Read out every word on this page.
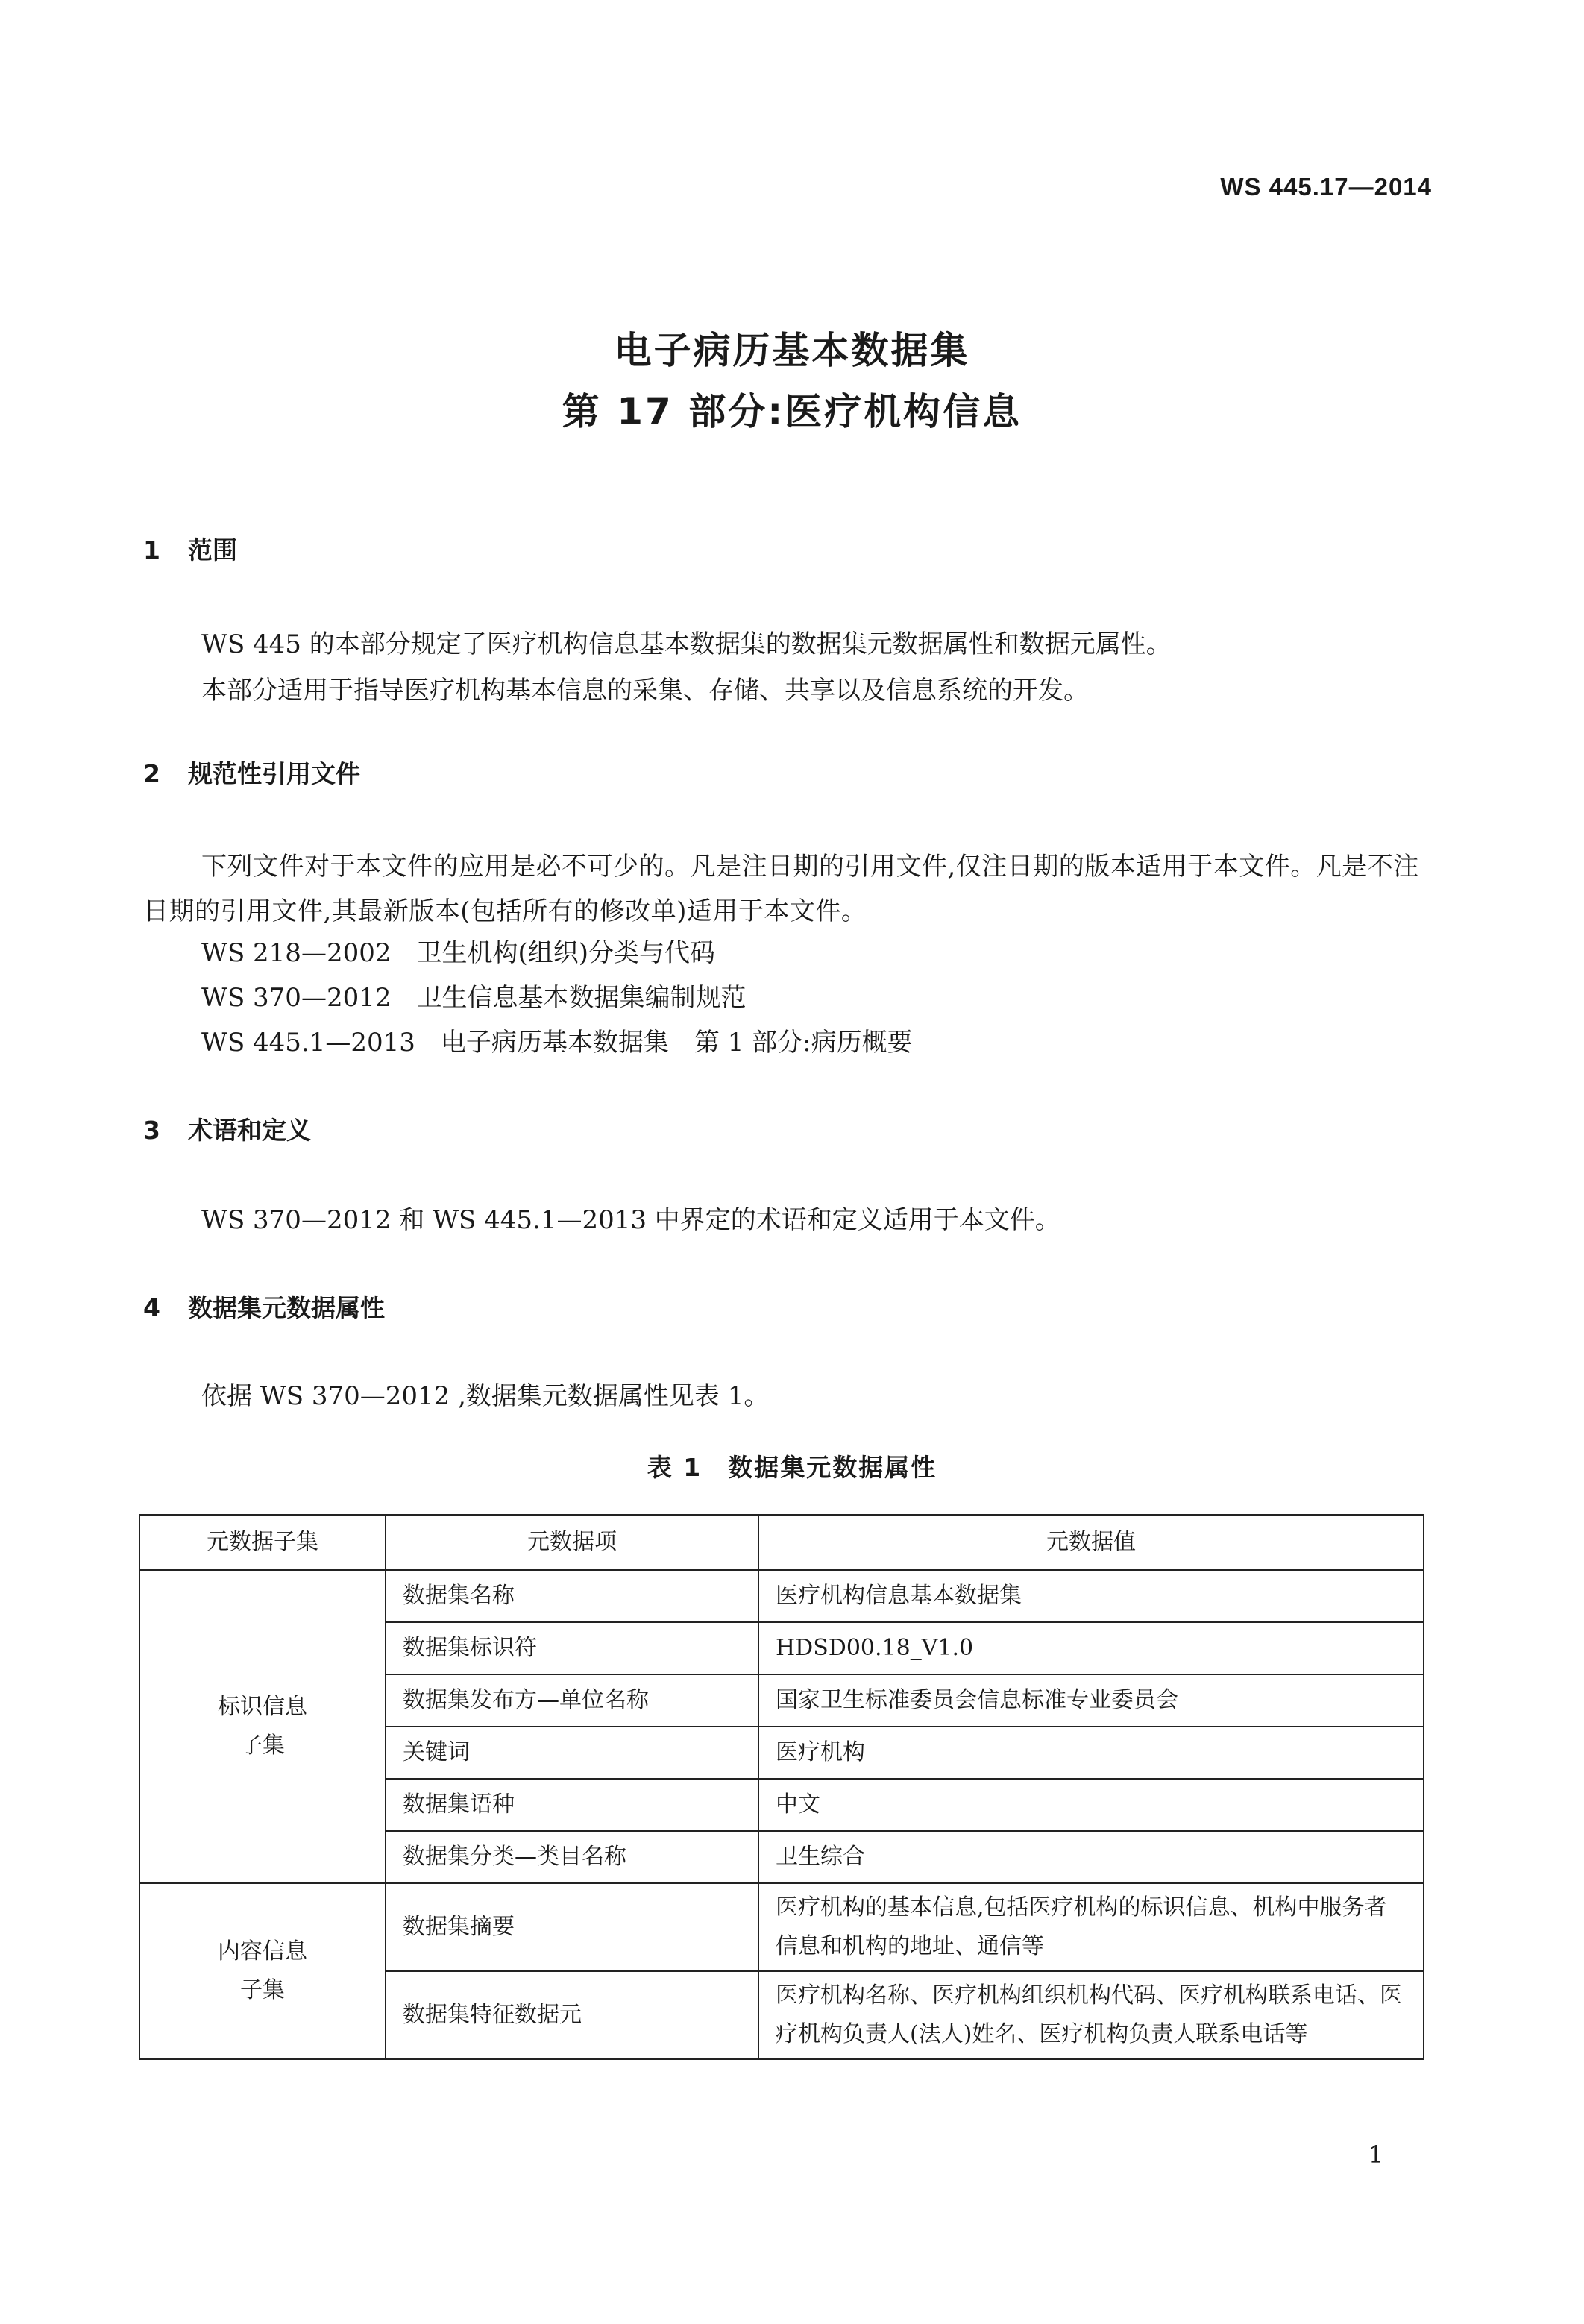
WS 445.17—2014
电子病历基本数据集
第 17 部分:医疗机构信息
1 范围
WS 445 的本部分规定了医疗机构信息基本数据集的数据集元数据属性和数据元属性。
本部分适用于指导医疗机构基本信息的采集、存储、共享以及信息系统的开发。
2 规范性引用文件
下列文件对于本文件的应用是必不可少的。凡是注日期的引用文件,仅注日期的版本适用于本文件。凡是不注日期的引用文件,其最新版本(包括所有的修改单)适用于本文件。
WS 218—2002　卫生机构(组织)分类与代码
WS 370—2012　卫生信息基本数据集编制规范
WS 445.1—2013　电子病历基本数据集　第 1 部分:病历概要
3 术语和定义
WS 370—2012 和 WS 445.1—2013 中界定的术语和定义适用于本文件。
4 数据集元数据属性
依据 WS 370—2012 ,数据集元数据属性见表 1。
表 1　数据集元数据属性
元数据子集	元数据项	元数据值

标识信息
子集	数据集名称	医疗机构信息基本数据集
	数据集标识符	HDSD00.18_V1.0
	数据集发布方—单位名称	国家卫生标准委员会信息标准专业委员会
	关键词	医疗机构
	数据集语种	中文
	数据集分类—类目名称	卫生综合

内容信息
子集	数据集摘要	医疗机构的基本信息,包括医疗机构的标识信息、机构中服务者信息和机构的地址、通信等
	数据集特征数据元	医疗机构名称、医疗机构组织机构代码、医疗机构联系电话、医疗机构负责人(法人)姓名、医疗机构负责人联系电话等
1
